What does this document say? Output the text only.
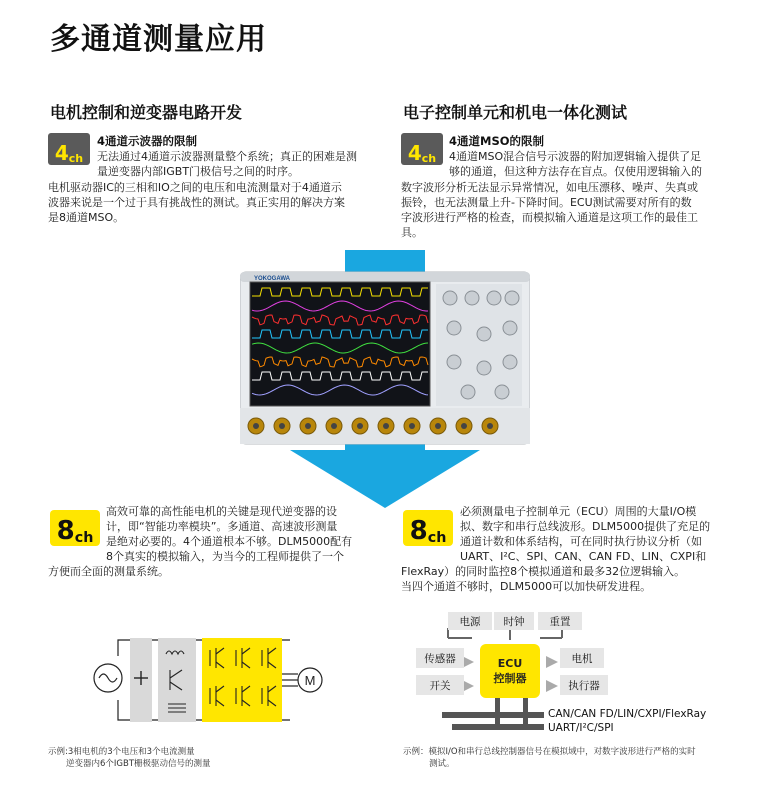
多通道测量应用
电机控制和逆变器电路开发
4 ch
4通道示波器的限制
无法通过4通道示波器测量整个系统；真正的困难是测
量逆变器内部IGBT门极信号之间的时序。
电机驱动器IC的三相和IO之间的电压和电流测量对于4通道示
波器来说是一个过于具有挑战性的测试。真正实用的解决方案
是8通道MSO。
电子控制单元和机电一体化测试
4 ch
4通道MSO的限制
4通道MSO混合信号示波器的附加逻辑输入提供了足
够的通道，但这种方法存在盲点。仅使用逻辑输入的
数字波形分析无法显示异常情况，如电压漂移、噪声、失真或
振铃，也无法测量上升-下降时间。ECU测试需要对所有的数
字波形进行严格的检查，而模拟输入通道是这项工作的最佳工
具。
YOKOGAWA
8 ch
高效可靠的高性能电机的关键是现代逆变器的设
计，即“智能功率模块”。多通道、高速波形测量
是绝对必要的。4个通道根本不够。DLM5000配有
8个真实的模拟输入，为当今的工程师提供了一个
方便而全面的测量系统。
8 ch
必须测量电子控制单元（ECU）周围的大量I/O模
拟、数字和串行总线波形。DLM5000提供了充足的
通道计数和体系结构，可在同时执行协议分析（如
UART、I²C、SPI、CAN、CAN FD、LIN、CXPI和
FlexRay）的同时监控8个模拟通道和最多32位逻辑输入。
当四个通道不够时，DLM5000可以加快研发进程。
M
示例:3相电机的3个电压和3个电流测量
逆变器内6个IGBT栅极驱动信号的测量
电源	时钟	重置
传感器
开关
ECU
控制器
电机
执行器
CAN/CAN FD/LIN/CXPI/FlexRay
UART/I²C/SPI
示例：模拟I/O和串行总线控制器信号在模拟域中，对数字波形进行严格的实时
测试。
